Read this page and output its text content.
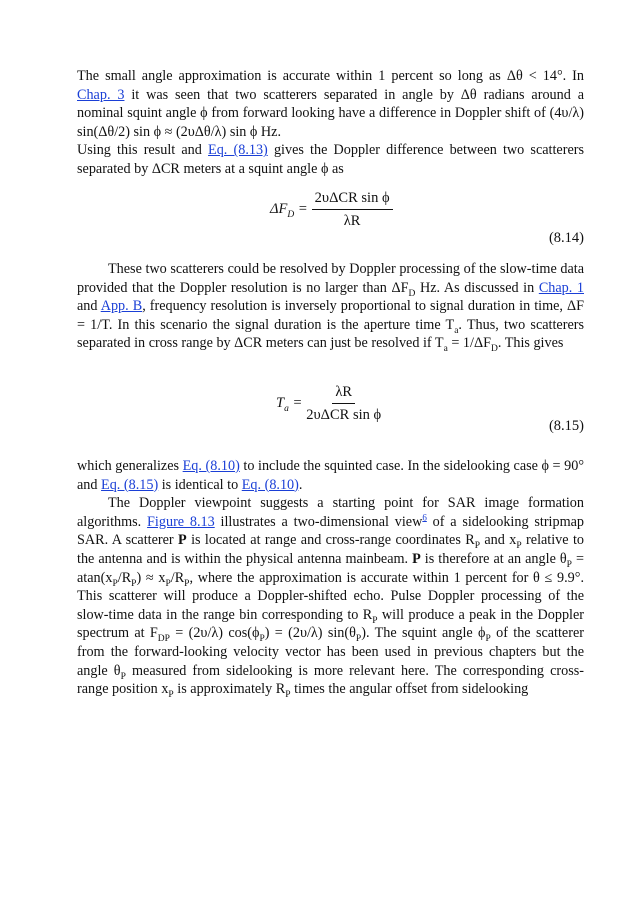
The small angle approximation is accurate within 1 percent so long as Δθ < 14°. In Chap. 3 it was seen that two scatterers separated in angle by Δθ radians around a nominal squint angle ϕ from forward looking have a difference in Doppler shift of (4υ/λ) sin(Δθ/2) sin ϕ ≈ (2υΔθ/λ) sin ϕ Hz.

Using this result and Eq. (8.13) gives the Doppler difference between two scatterers separated by ΔCR meters at a squint angle ϕ as

$\Delta F_D = \frac{\text{2υΔCR sin ϕ}}{\lambda R}$
(8.14)

These two scatterers could be resolved by Doppler processing of the slow-time data provided that the Doppler resolution is no larger than $\Delta F_D$ Hz. As discussed in Chap. 1 and App. B, frequency resolution is inversely proportional to signal duration in time, ΔF = 1/T. In this scenario the signal duration is the aperture time $T_a$. Thus, two scatterers separated in cross range by ΔCR meters can just be resolved if $T_a = 1/\Delta F_D$. This gives

$T_a = \frac{\lambda R}{\text{2υΔCR sin ϕ}}$
(8.15)

which generalizes Eq. (8.10) to include the squinted case. In the sidelooking case ϕ = 90° and Eq. (8.15) is identical to Eq. (8.10).

The Doppler viewpoint suggests a starting point for SAR image formation algorithms. Figure 8.13 illustrates a two-dimensional view$^6$ of a sidelooking stripmap SAR. A scatterer P is located at range and cross-range coordinates $R_P$ and $x_P$ relative to the antenna and is within the physical antenna mainbeam. P is therefore at an angle $\theta_P = atan(x_P/R_P) \approx x_P/R_P$, where the approximation is accurate within 1 percent for θ ≤ 9.9°. This scatterer will produce a Doppler-shifted echo. Pulse Doppler processing of the slow-time data in the range bin corresponding to $R_P$ will produce a peak in the Doppler spectrum at $F_{DP} = (2\upsilon/\lambda) \cos(\phi_P) = (2\upsilon/\lambda)$ $\sin(\theta_P)$. The squint angle $\phi_P$ of the scatterer from the forward-looking velocity vector has been used in previous chapters but the angle $\theta_P$ measured from sidelooking is more relevant here. The corresponding cross-range position $x_P$ is approximately $R_P$ times the angular offset from sidelooking
